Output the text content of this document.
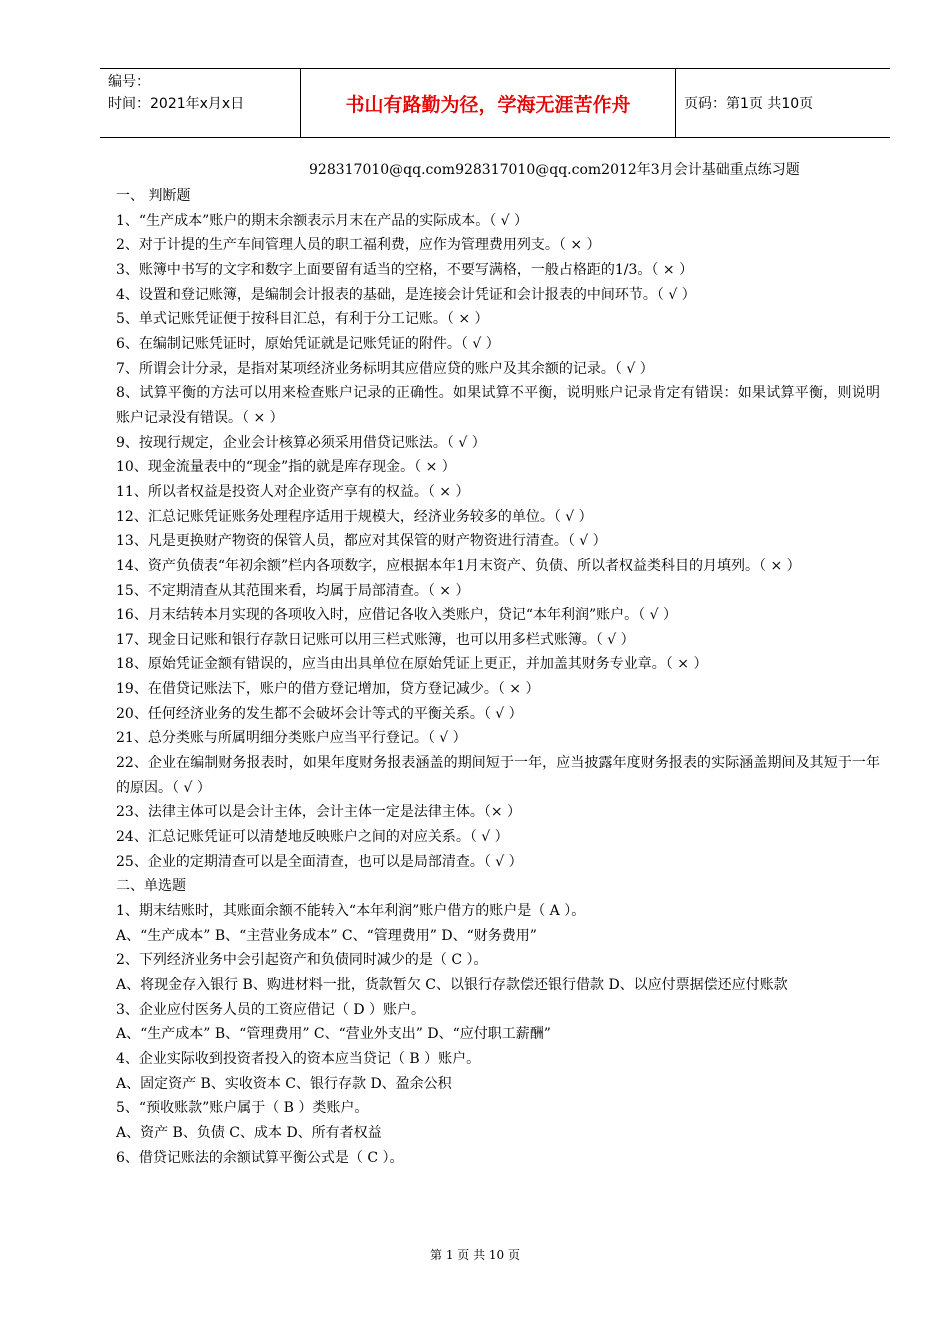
编号：
时间：2021年x月x日	书山有路勤为径，学海无涯苦作舟	页码：第1页 共10页
928317010@qq.com928317010@qq.com2012年3月会计基础重点练习题
一、 判断题
1、“生产成本”账户的期末余额表示月末在产品的实际成本。（ √ ）
2、对于计提的生产车间管理人员的职工福利费，应作为管理费用列支。（ × ）
3、账簿中书写的文字和数字上面要留有适当的空格，不要写满格，一般占格距的1/3。（ × ）
4、设置和登记账簿，是编制会计报表的基础，是连接会计凭证和会计报表的中间环节。（ √ ）
5、单式记账凭证便于按科目汇总，有利于分工记账。（ × ）
6、在编制记账凭证时，原始凭证就是记账凭证的附件。（ √ ）
7、所谓会计分录，是指对某项经济业务标明其应借应贷的账户及其余额的记录。（ √ ）
8、试算平衡的方法可以用来检查账户记录的正确性。如果试算不平衡，说明账户记录肯定有错误：如果试算平衡，则说明账户记录没有错误。（ × ）
9、按现行规定，企业会计核算必须采用借贷记账法。（ √ ）
10、现金流量表中的“现金”指的就是库存现金。（ × ）
11、所以者权益是投资人对企业资产享有的权益。（ × ）
12、汇总记账凭证账务处理程序适用于规模大，经济业务较多的单位。（ √ ）
13、凡是更换财产物资的保管人员，都应对其保管的财产物资进行清查。（ √ ）
14、资产负债表“年初余额”栏内各项数字，应根据本年1月末资产、负债、所以者权益类科目的月填列。（ × ）
15、不定期清查从其范围来看，均属于局部清查。（ × ）
16、月末结转本月实现的各项收入时，应借记各收入类账户，贷记“本年利润”账户。（ √ ）
17、现金日记账和银行存款日记账可以用三栏式账簿，也可以用多栏式账簿。（ √ ）
18、原始凭证金额有错误的，应当由出具单位在原始凭证上更正，并加盖其财务专业章。（ × ）
19、在借贷记账法下，账户的借方登记增加，贷方登记减少。（ × ）
20、任何经济业务的发生都不会破坏会计等式的平衡关系。（ √ ）
21、总分类账与所属明细分类账户应当平行登记。（ √ ）
22、企业在编制财务报表时，如果年度财务报表涵盖的期间短于一年，应当披露年度财务报表的实际涵盖期间及其短于一年的原因。（ √ ）
23、法律主体可以是会计主体，会计主体一定是法律主体。（× ）
24、汇总记账凭证可以清楚地反映账户之间的对应关系。（ √ ）
25、企业的定期清查可以是全面清查，也可以是局部清查。（ √ ）
二、单选题
1、期末结账时，其账面余额不能转入“本年利润”账户借方的账户是（ A ）。
A、“生产成本” B、“主营业务成本” C、“管理费用” D、“财务费用”
2、下列经济业务中会引起资产和负债同时减少的是（ C ）。
A、将现金存入银行 B、购进材料一批，货款暂欠 C、以银行存款偿还银行借款 D、以应付票据偿还应付账款
3、企业应付医务人员的工资应借记（ D ）账户。
A、“生产成本” B、“管理费用” C、“营业外支出” D、“应付职工薪酬”
4、企业实际收到投资者投入的资本应当贷记（ B ）账户。
A、固定资产 B、实收资本 C、银行存款 D、盈余公积
5、“预收账款”账户属于（ B ）类账户。
A、资产 B、负债 C、成本 D、所有者权益
6、借贷记账法的余额试算平衡公式是（ C ）。
第 1 页 共 10 页
